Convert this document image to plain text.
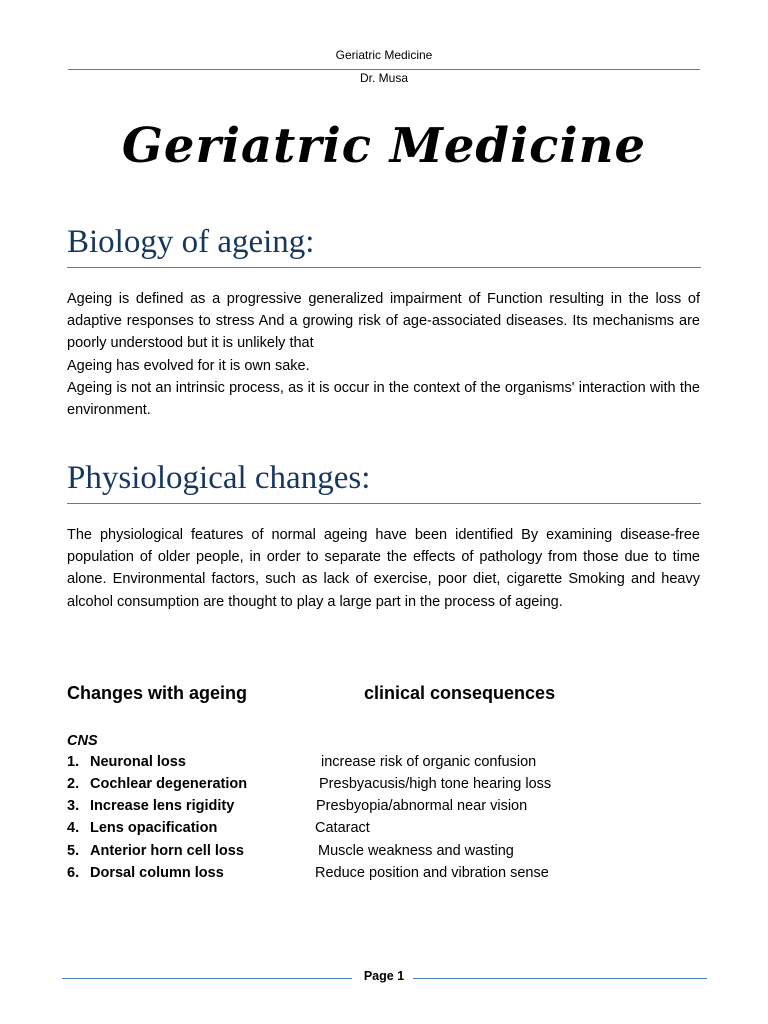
Geriatric Medicine
Dr. Musa
Geriatric Medicine
Biology of ageing:

Ageing is defined as a progressive generalized impairment of Function resulting in the loss of adaptive responses to stress And a growing risk of age-associated diseases. Its mechanisms are poorly understood but it is unlikely that

Ageing has evolved for it is own sake.

Ageing is not an intrinsic process, as it is occur in the context of the organisms' interaction with the environment.

Physiological changes:

The physiological features of normal ageing have been identified By examining disease-free population of older people, in order to separate the effects of pathology from those due to time alone. Environmental factors, such as lack of exercise, poor diet, cigarette Smoking and heavy alcohol consumption are thought to play a large part in the process of ageing.

Changes with ageing	clinical consequences
CNS
1. Neuronal loss	increase risk of organic confusion
2. Cochlear degeneration	Presbyacusis/high tone hearing loss
3. Increase lens rigidity	Presbyopia/abnormal near vision
4. Lens opacification	Cataract
5. Anterior horn cell loss	Muscle weakness and wasting
6. Dorsal column loss	Reduce position and vibration sense
Page 1
